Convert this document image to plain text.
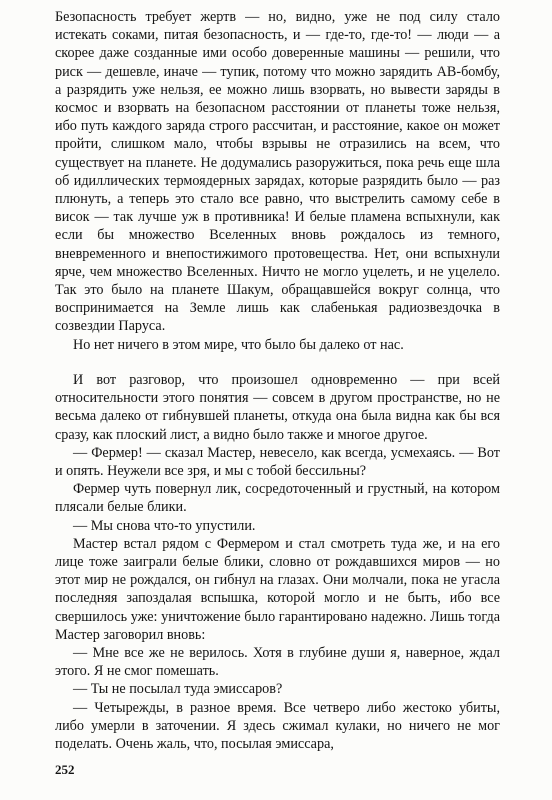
Безопасность требует жертв — но, видно, уже не под силу стало истекать соками, питая безопасность, и — где-то, где-то! — люди — а скорее даже созданные ими особо доверенные машины — решили, что риск — дешевле, иначе — тупик, потому что можно зарядить АВ-бомбу, а разрядить уже нельзя, ее можно лишь взорвать, но вывести заряды в космос и взорвать на безопасном расстоянии от планеты тоже нельзя, ибо путь каждого заряда строго рассчитан, и расстояние, какое он может пройти, слишком мало, чтобы взрывы не отразились на всем, что существует на планете. Не додумались разоружиться, пока речь еще шла об идиллических термоядерных зарядах, которые разрядить было — раз плюнуть, а теперь это стало все равно, что выстрелить самому себе в висок — так лучше уж в противника! И белые пламена вспыхнули, как если бы множество Вселенных вновь рождалось из темного, вневременного и внепостижимого протовещества. Нет, они вспыхнули ярче, чем множество Вселенных. Ничто не могло уцелеть, и не уцелело. Так это было на планете Шакум, обращавшейся вокруг солнца, что воспринимается на Земле лишь как слабенькая радиозвездочка в созвездии Паруса.

Но нет ничего в этом мире, что было бы далеко от нас.

И вот разговор, что произошел одновременно — при всей относительности этого понятия — совсем в другом пространстве, но не весьма далеко от гибнувшей планеты, откуда она была видна как бы вся сразу, как плоский лист, а видно было также и многое другое.

— Фермер! — сказал Мастер, невесело, как всегда, усмехаясь. — Вот и опять. Неужели все зря, и мы с тобой бессильны?

Фермер чуть повернул лик, сосредоточенный и грустный, на котором плясали белые блики.

— Мы снова что-то упустили.

Мастер встал рядом с Фермером и стал смотреть туда же, и на его лице тоже заиграли белые блики, словно от рождавшихся миров — но этот мир не рождался, он гибнул на глазах. Они молчали, пока не угасла последняя запоздалая вспышка, которой могло и не быть, ибо все свершилось уже: уничтожение было гарантировано надежно. Лишь тогда Мастер заговорил вновь:

— Мне все же не верилось. Хотя в глубине души я, наверное, ждал этого. Я не смог помешать.

— Ты не посылал туда эмиссаров?

— Четырежды, в разное время. Все четверо либо жестоко убиты, либо умерли в заточении. Я здесь сжимал кулаки, но ничего не мог поделать. Очень жаль, что, посылая эмиссара,

252
